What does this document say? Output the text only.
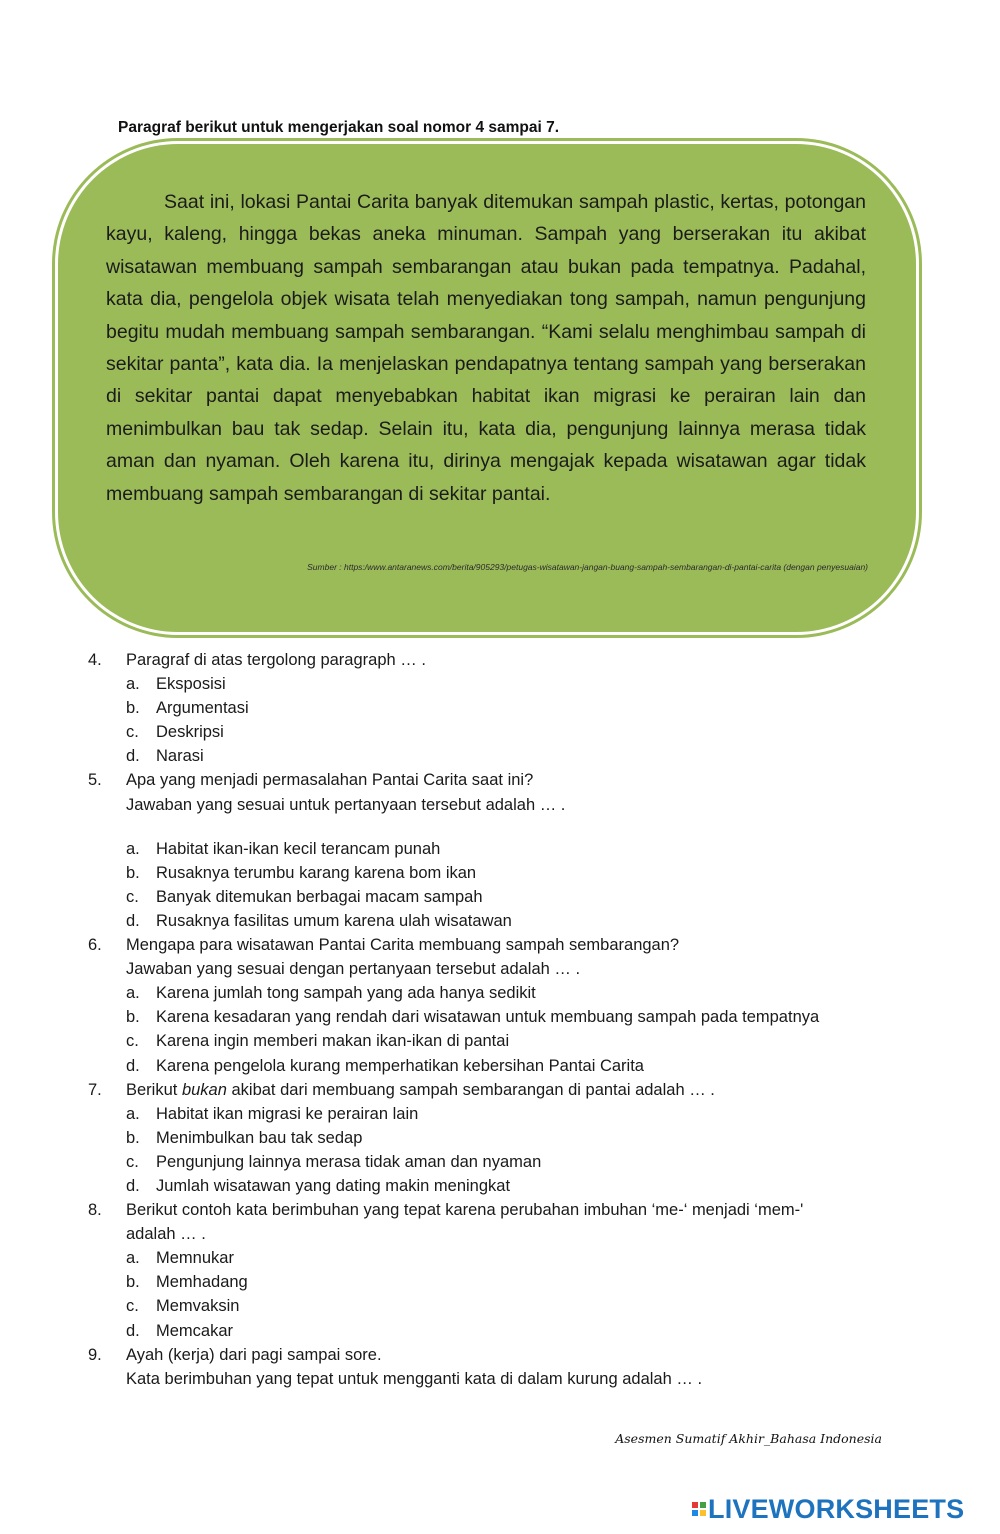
Paragraf berikut untuk mengerjakan soal nomor 4 sampai 7.

Saat ini, lokasi Pantai Carita banyak ditemukan sampah plastic, kertas, potongan kayu, kaleng, hingga bekas aneka minuman. Sampah yang berserakan itu akibat wisatawan membuang sampah sembarangan atau bukan pada tempatnya. Padahal, kata dia, pengelola objek wisata telah menyediakan tong sampah, namun pengunjung begitu mudah membuang sampah sembarangan. “Kami selalu menghimbau sampah di sekitar panta”, kata dia. Ia menjelaskan pendapatnya tentang sampah yang berserakan di sekitar pantai dapat menyebabkan habitat ikan migrasi ke perairan lain dan menimbulkan bau tak sedap. Selain itu, kata dia, pengunjung lainnya merasa tidak aman dan nyaman. Oleh karena itu, dirinya mengajak kepada wisatawan agar tidak membuang sampah sembarangan di sekitar pantai.

Sumber : https:/www.antaranews.com/berita/905293/petugas-wisatawan-jangan-buang-sampah-sembarangan-di-pantai-carita (dengan penyesuaian)
4.	Paragraf di atas tergolong paragraph … .
a. Eksposisi
b. Argumentasi
c.	Deskripsi
d. Narasi
5.	Apa yang menjadi permasalahan Pantai Carita saat ini?
Jawaban yang sesuai untuk pertanyaan tersebut adalah … .
a. Habitat ikan-ikan kecil terancam punah
b. Rusaknya terumbu karang karena bom ikan
c.	Banyak ditemukan berbagai macam sampah
d. Rusaknya fasilitas umum karena ulah wisatawan
6.	Mengapa para wisatawan Pantai Carita membuang sampah sembarangan?
Jawaban yang sesuai dengan pertanyaan tersebut adalah … .
a. Karena jumlah tong sampah yang ada hanya sedikit
b. Karena kesadaran yang rendah dari wisatawan untuk membuang sampah pada tempatnya
c.	Karena ingin memberi makan ikan-ikan di pantai
d. Karena pengelola kurang memperhatikan kebersihan Pantai Carita
7.	Berikut bukan akibat dari membuang sampah sembarangan di pantai adalah … .
a. Habitat ikan migrasi ke perairan lain
b. Menimbulkan bau tak sedap
c.	Pengunjung lainnya merasa tidak aman dan nyaman
d. Jumlah wisatawan yang dating makin meningkat
8.	Berikut contoh kata berimbuhan yang tepat karena perubahan imbuhan ‘me-‘ menjadi ‘mem-'
adalah … .
a. Memnukar
b. Memhadang
c.	Memvaksin
d. Memcakar
9.	Ayah (kerja) dari pagi sampai sore.
Kata berimbuhan yang tepat untuk mengganti kata di dalam kurung adalah … .
Asesmen Sumatif Akhir_Bahasa Indonesia
LIVEWORKSHEETS
